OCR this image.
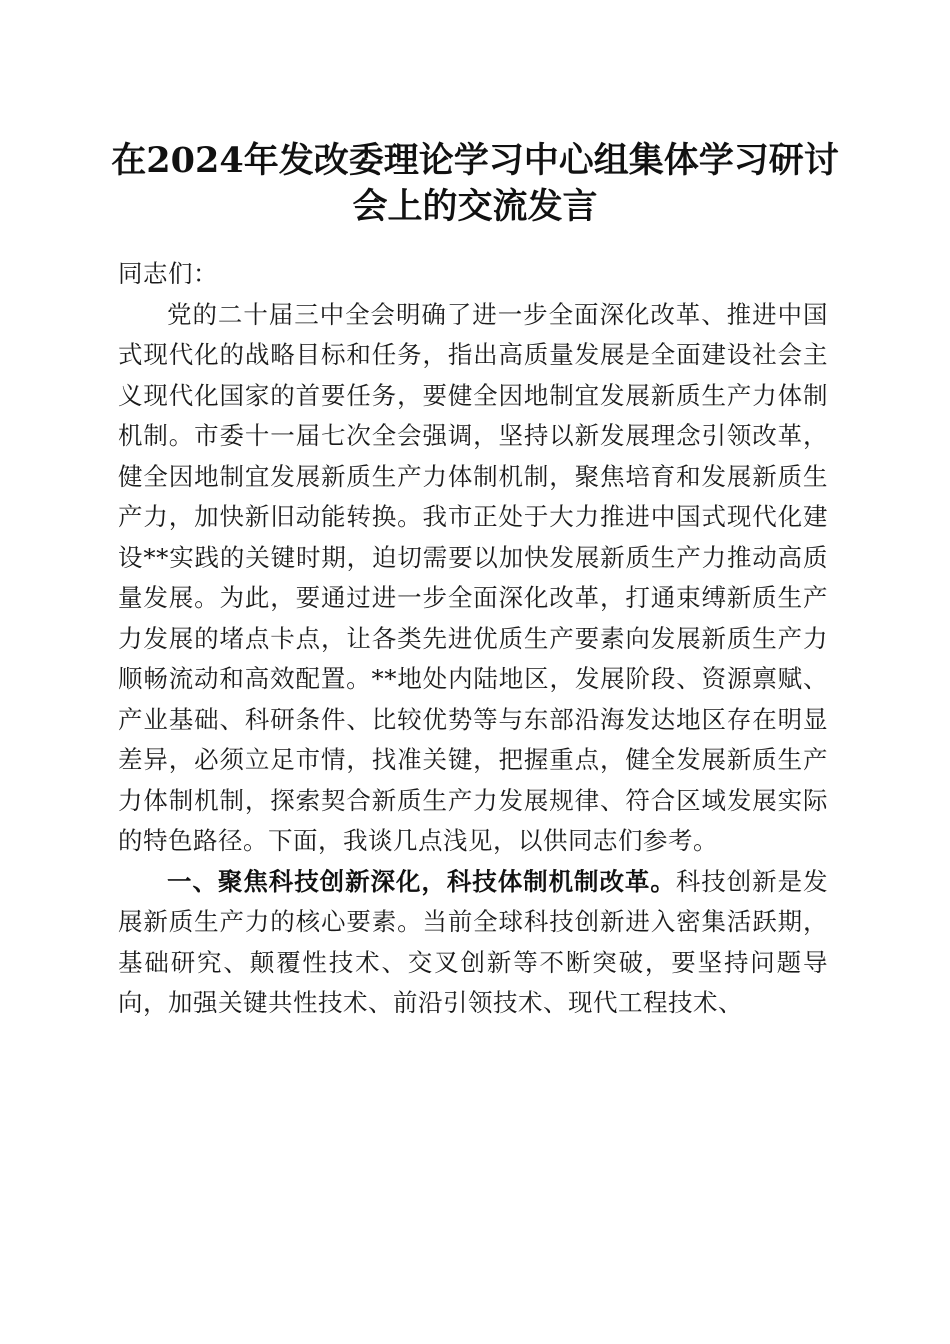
在2024年发改委理论学习中心组集体学习研讨会上的交流发言

同志们：

党的二十届三中全会明确了进一步全面深化改革、推进中国式现代化的战略目标和任务，指出高质量发展是全面建设社会主义现代化国家的首要任务，要健全因地制宜发展新质生产力体制机制。市委十一届七次全会强调，坚持以新发展理念引领改革，健全因地制宜发展新质生产力体制机制，聚焦培育和发展新质生产力，加快新旧动能转换。我市正处于大力推进中国式现代化建设**实践的关键时期，迫切需要以加快发展新质生产力推动高质量发展。为此，要通过进一步全面深化改革，打通束缚新质生产力发展的堵点卡点，让各类先进优质生产要素向发展新质生产力顺畅流动和高效配置。**地处内陆地区，发展阶段、资源禀赋、产业基础、科研条件、比较优势等与东部沿海发达地区存在明显差异，必须立足市情，找准关键，把握重点，健全发展新质生产力体制机制，探索契合新质生产力发展规律、符合区域发展实际的特色路径。下面，我谈几点浅见，以供同志们参考。

一、聚焦科技创新深化，科技体制机制改革。科技创新是发展新质生产力的核心要素。当前全球科技创新进入密集活跃期，基础研究、颠覆性技术、交叉创新等不断突破，要坚持问题导向，加强关键共性技术、前沿引领技术、现代工程技术、
